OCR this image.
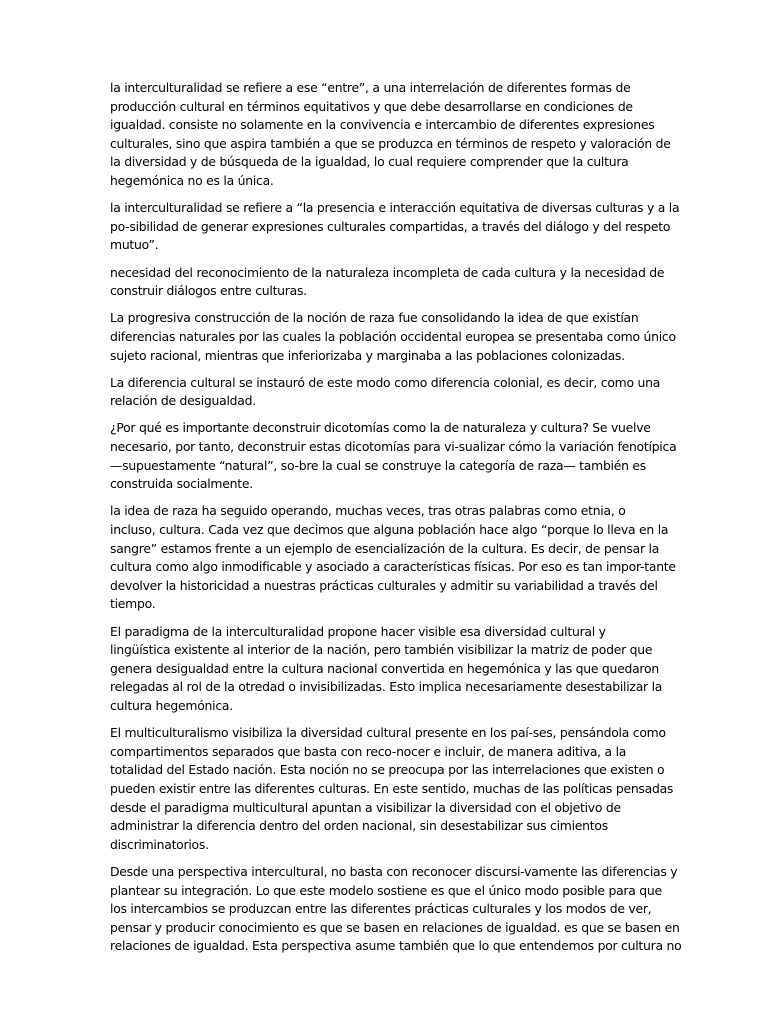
la interculturalidad se refiere a ese “entre”, a una interrelación de diferentes formas de
producción cultural en términos equitativos y que debe desarrollarse en condiciones de
igualdad. consiste no solamente en la convivencia e intercambio de diferentes expresiones
culturales, sino que aspira también a que se produzca en términos de respeto y valoración de
la diversidad y de búsqueda de la igualdad, lo cual requiere comprender que la cultura
hegemónica no es la única.
la interculturalidad se refiere a “la presencia e interacción equitativa de diversas culturas y a la
po-sibilidad de generar expresiones culturales compartidas, a través del diálogo y del respeto
mutuo”.
necesidad del reconocimiento de la naturaleza incompleta de cada cultura y la necesidad de
construir diálogos entre culturas.
La progresiva construcción de la noción de raza fue consolidando la idea de que existían
diferencias naturales por las cuales la población occidental europea se presentaba como único
sujeto racional, mientras que inferiorizaba y marginaba a las poblaciones colonizadas.
La diferencia cultural se instauró de este modo como diferencia colonial, es decir, como una
relación de desigualdad.
¿Por qué es importante deconstruir dicotomías como la de naturaleza y cultura? Se vuelve
necesario, por tanto, deconstruir estas dicotomías para vi-sualizar cómo la variación fenotípica
—supuestamente “natural”, so-bre la cual se construye la categoría de raza— también es
construida socialmente.
la idea de raza ha seguido operando, muchas veces, tras otras palabras como etnia, o
incluso, cultura. Cada vez que decimos que alguna población hace algo “porque lo lleva en la
sangre” estamos frente a un ejemplo de esencialización de la cultura. Es decir, de pensar la
cultura como algo inmodificable y asociado a características físicas. Por eso es tan impor-tante
devolver la historicidad a nuestras prácticas culturales y admitir su variabilidad a través del
tiempo.
El paradigma de la interculturalidad propone hacer visible esa diversidad cultural y
lingüística existente al interior de la nación, pero también visibilizar la matriz de poder que
genera desigualdad entre la cultura nacional convertida en hegemónica y las que quedaron
relegadas al rol de la otredad o invisibilizadas. Esto implica necesariamente desestabilizar la
cultura hegemónica.
El multiculturalismo visibiliza la diversidad cultural presente en los paí-ses, pensándola como
compartimentos separados que basta con reco-nocer e incluir, de manera aditiva, a la
totalidad del Estado nación. Esta noción no se preocupa por las interrelaciones que existen o
pueden existir entre las diferentes culturas. En este sentido, muchas de las políticas pensadas
desde el paradigma multicultural apuntan a visibilizar la diversidad con el objetivo de
administrar la diferencia dentro del orden nacional, sin desestabilizar sus cimientos
discriminatorios.
Desde una perspectiva intercultural, no basta con reconocer discursi-vamente las diferencias y
plantear su integración. Lo que este modelo sostiene es que el único modo posible para que
los intercambios se produzcan entre las diferentes prácticas culturales y los modos de ver,
pensar y producir conocimiento es que se basen en relaciones de igualdad. es que se basen en
relaciones de igualdad. Esta perspectiva asume también que lo que entendemos por cultura no
